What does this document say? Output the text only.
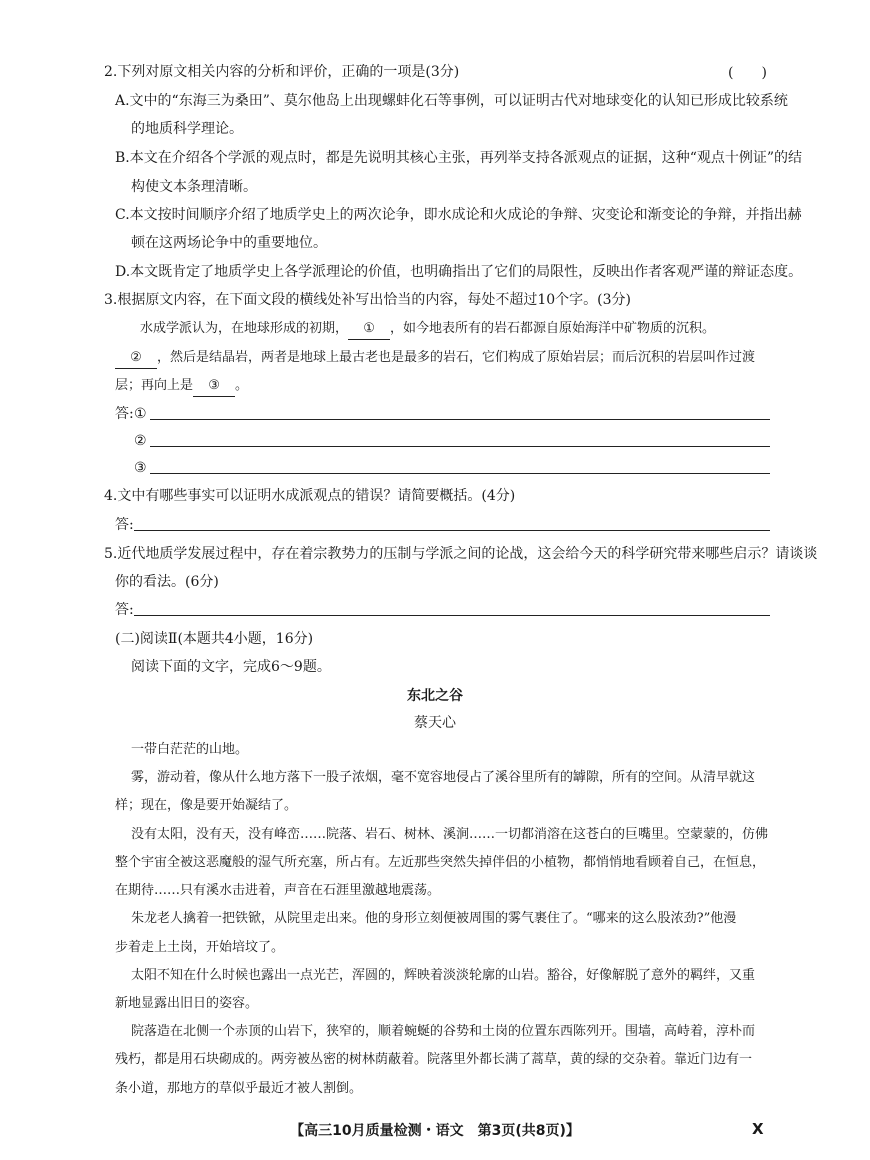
2.下列对原文相关内容的分析和评价，正确的一项是(3分)	(　　)
A.文中的“东海三为桑田”、莫尔他岛上出现螺蚌化石等事例，可以证明古代对地球变化的认知已形成比较系统
的地质科学理论。
B.本文在介绍各个学派的观点时，都是先说明其核心主张，再列举支持各派观点的证据，这种“观点十例证”的结
构使文本条理清晰。
C.本文按时间顺序介绍了地质学史上的两次论争，即水成论和火成论的争辩、灾变论和渐变论的争辩，并指出赫
顿在这两场论争中的重要地位。
D.本文既肯定了地质学史上各学派理论的价值，也明确指出了它们的局限性，反映出作者客观严谨的辩证态度。
3.根据原文内容，在下面文段的横线处补写出恰当的内容，每处不超过10个字。(3分)
水成学派认为，在地球形成的初期， ① ，如今地表所有的岩石都源自原始海洋中矿物质的沉积。
② ，然后是结晶岩，两者是地球上最古老也是最多的岩石，它们构成了原始岩层；而后沉积的岩层叫作过渡
层；再向上是 ③ 。
答: ①
②
③
4.文中有哪些事实可以证明水成派观点的错误？请简要概括。(4分)
答:
5.近代地质学发展过程中，存在着宗教势力的压制与学派之间的论战，这会给今天的科学研究带来哪些启示？请谈谈
你的看法。(6分)
答:
(二)阅读Ⅱ(本题共4小题，16分)
阅读下面的文字，完成6～9题。
东北之谷
蔡天心
一带白茫茫的山地。
雾，游动着，像从什么地方落下一股子浓烟，毫不宽容地侵占了溪谷里所有的罅隙，所有的空间。从清早就这
样；现在，像是要开始凝结了。
没有太阳，没有天，没有峰峦……院落、岩石、树林、溪涧……一切都消溶在这苍白的巨嘴里。空蒙蒙的，仿佛
整个宇宙全被这恶魔般的湿气所充塞，所占有。左近那些突然失掉伴侣的小植物，都悄悄地看顾着自己，在恒息，
在期待……只有溪水击进着，声音在石涯里激越地震荡。
朱龙老人擒着一把铁锨，从院里走出来。他的身形立刻便被周围的雾气裹住了。“哪来的这么股浓劲?”他漫
步着走上土岗，开始培坟了。
太阳不知在什么时候也露出一点光芒，浑圆的，辉映着淡淡轮廓的山岩。豁谷，好像解脱了意外的羁绊，又重
新地显露出旧日的姿容。
院落造在北侧一个赤顶的山岩下，狭窄的，顺着蜿蜒的谷势和土岗的位置东西陈列开。围墙，高峙着，淳朴而
残朽，都是用石块砌成的。两旁被丛密的树林荫蔽着。院落里外都长满了蒿草，黄的绿的交杂着。靠近门边有一
条小道，那地方的草似乎最近才被人割倒。
【高三10月质量检测・语文　第3页(共8页)】	X
